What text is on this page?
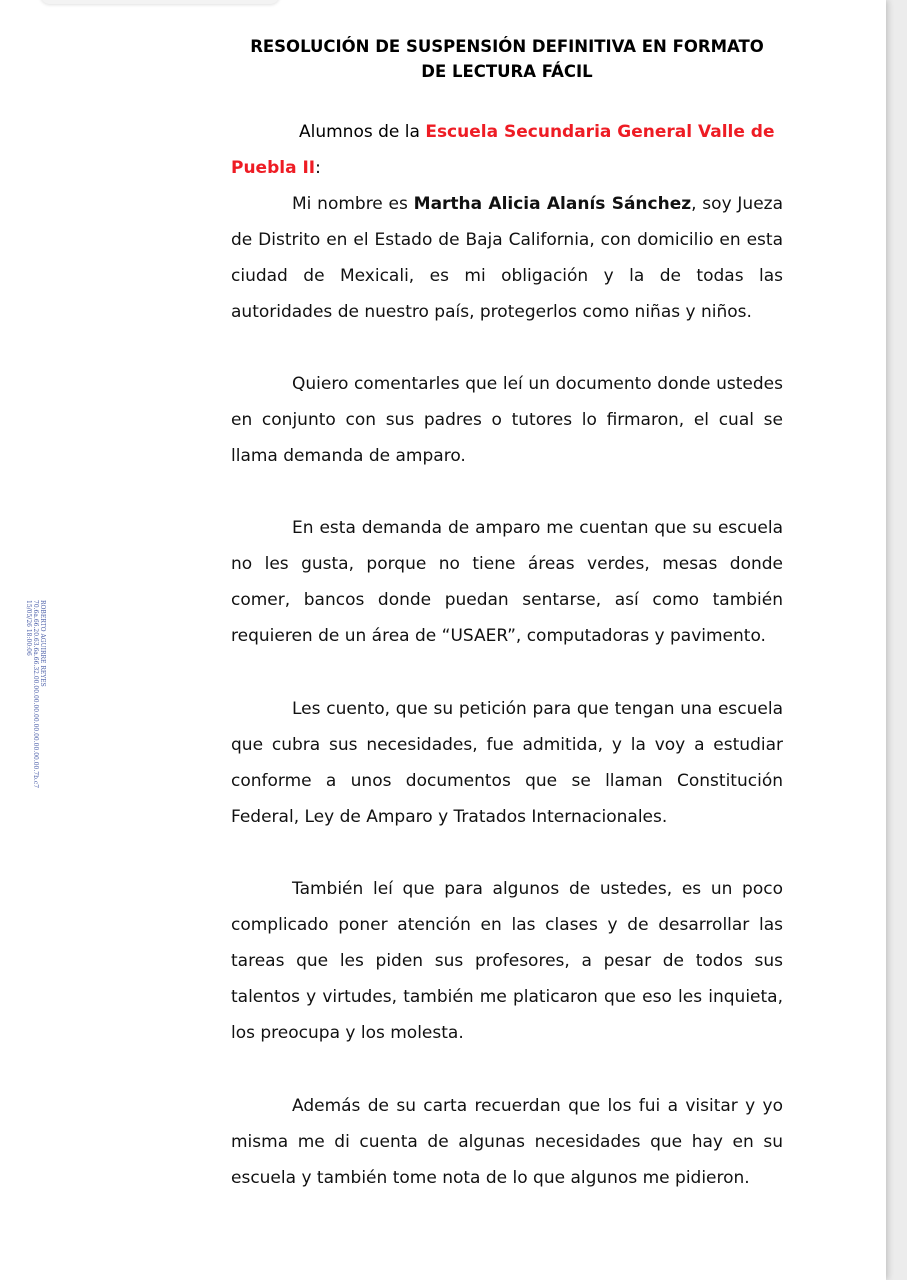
RESOLUCIÓN DE SUSPENSIÓN DEFINITIVA EN FORMATO
DE LECTURA FÁCIL

Alumnos de la Escuela Secundaria General Valle de Puebla II:

Mi nombre es Martha Alicia Alanís Sánchez, soy Jueza de Distrito en el Estado de Baja California, con domicilio en esta ciudad de Mexicali, es mi obligación y la de todas las autoridades de nuestro país, protegerlos como niñas y niños.

Quiero comentarles que leí un documento donde ustedes en conjunto con sus padres o tutores lo firmaron, el cual se llama demanda de amparo.

En esta demanda de amparo me cuentan que su escuela no les gusta, porque no tiene áreas verdes, mesas donde comer, bancos donde puedan sentarse, así como también requieren de un área de “USAER”, computadoras y pavimento.

Les cuento, que su petición para que tengan una escuela que cubra sus necesidades, fue admitida, y la voy a estudiar conforme a unos documentos que se llaman Constitución Federal, Ley de Amparo y Tratados Internacionales.

También leí que para algunos de ustedes, es un poco complicado poner atención en las clases y de desarrollar las tareas que les piden sus profesores, a pesar de todos sus talentos y virtudes, también me platicaron que eso les inquieta, los preocupa y los molesta.

Además de su carta recuerdan que los fui a visitar y yo misma me di cuenta de algunas necesidades que hay en su escuela y también tome nota de lo que algunos me pidieron.

ROBERTO AGUIRRE REYES
70.6a.66.20.63.6a.66.32.00.00.00.00.00.00.00.00.00.00.7b.c7
15/05/26 18:00:06
